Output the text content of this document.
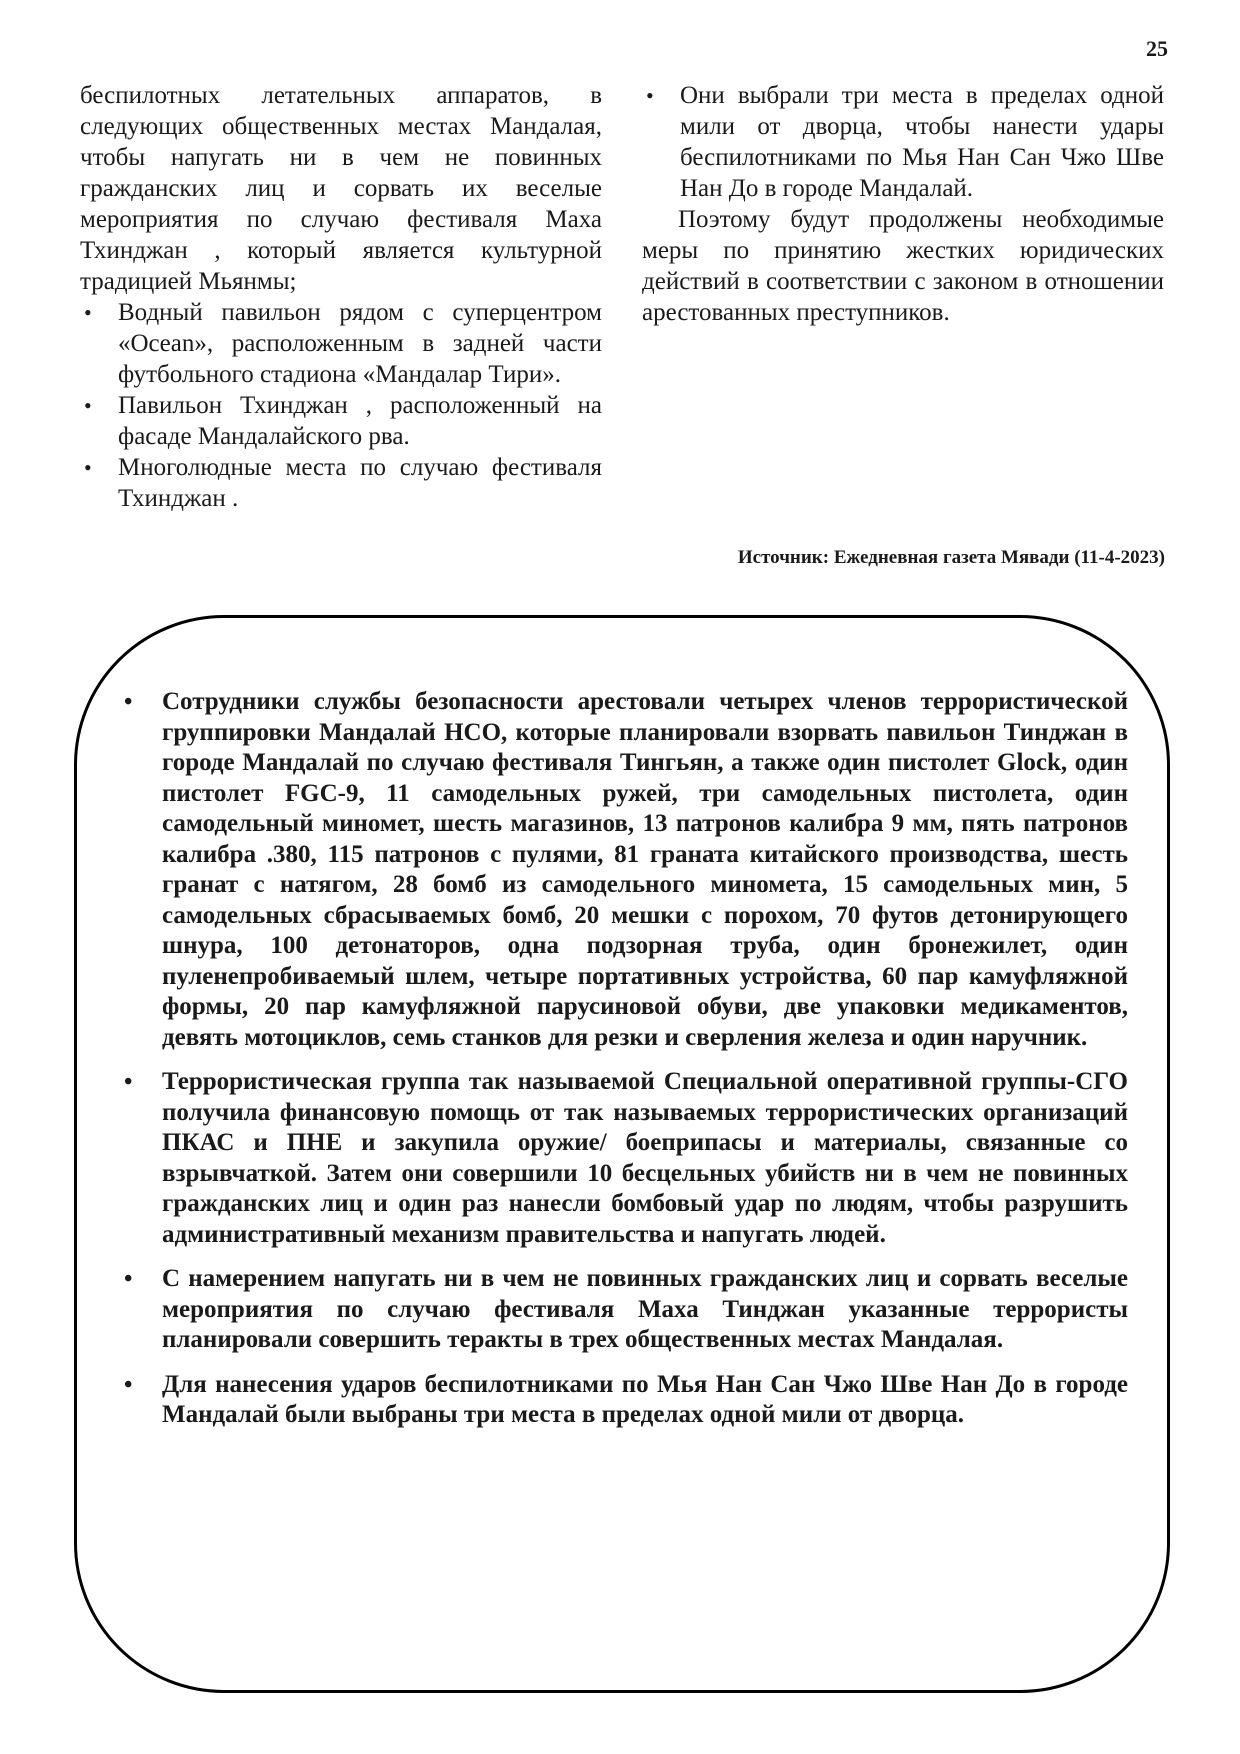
25

беспилотных летательных аппаратов, в следующих общественных местах Мандалая, чтобы напугать ни в чем не повинных гражданских лиц и сорвать их веселые мероприятия по случаю фестиваля Маха Тхинджан , который является культурной традицией Мьянмы;

• Водный павильон рядом с суперцентром «Ocean», расположенным в задней части футбольного стадиона «Мандалар Тири».
• Павильон Тхинджан , расположенный на фасаде Мандалайского рва.
• Многолюдные места по случаю фестиваля Тхинджан .
• Они выбрали три места в пределах одной мили от дворца, чтобы нанести удары беспилотниками по Мья Нан Сан Чжо Шве Нан До в городе Мандалай.

Поэтому будут продолжены необходимые меры по принятию жестких юридических действий в соответствии с законом в отношении арестованных преступников.

Источник: Ежедневная газета Мявади (11-4-2023)
• Сотрудники службы безопасности арестовали четырех членов террористической группировки Мандалай НСО, которые планировали взорвать павильон Тинджан в городе Мандалай по случаю фестиваля Тингьян, а также один пистолет Glock, один пистолет FGC-9, 11 самодельных ружей, три самодельных пистолета, один самодельный миномет, шесть магазинов, 13 патронов калибра 9 мм, пять патронов калибра .380, 115 патронов с пулями, 81 граната китайского производства, шесть гранат с натягом, 28 бомб из самодельного миномета, 15 самодельных мин, 5 самодельных сбрасываемых бомб, 20 мешки с порохом, 70 футов детонирующего шнура, 100 детонаторов, одна подзорная труба, один бронежилет, один пуленепробиваемый шлем, четыре портативных устройства, 60 пар камуфляжной формы, 20 пар камуфляжной парусиновой обуви, две упаковки медикаментов, девять мотоциклов, семь станков для резки и сверления железа и один наручник.
• Террористическая группа так называемой Специальной оперативной группы-СГО получила финансовую помощь от так называемых террористических организаций ПКАС и ПНЕ и закупила оружие/ боеприпасы и материалы, связанные со взрывчаткой. Затем они совершили 10 бесцельных убийств ни в чем не повинных гражданских лиц и один раз нанесли бомбовый удар по людям, чтобы разрушить административный механизм правительства и напугать людей.
• С намерением напугать ни в чем не повинных гражданских лиц и сорвать веселые мероприятия по случаю фестиваля Маха Тинджан указанные террористы планировали совершить теракты в трех общественных местах Мандалая.
• Для нанесения ударов беспилотниками по Мья Нан Сан Чжо Шве Нан До в городе Мандалай были выбраны три места в пределах одной мили от дворца.
